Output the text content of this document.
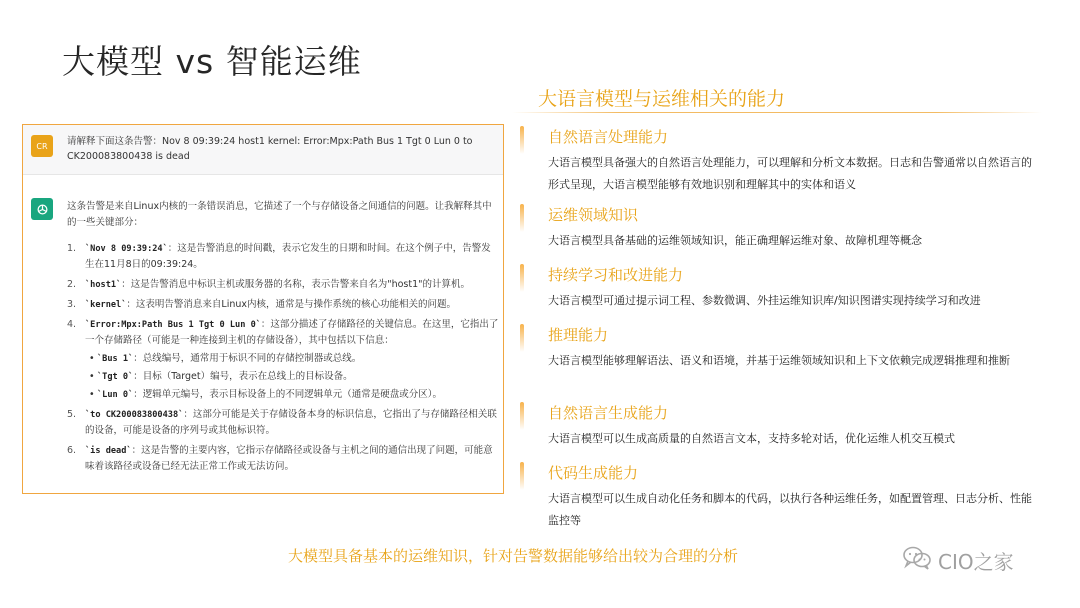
大模型 vs 智能运维
大语言模型与运维相关的能力
CR	请解释下面这条告警：Nov 8 09:39:24 host1 kernel: Error:Mpx:Path Bus 1 Tgt 0 Lun 0 to CK200083800438 is dead

这条告警是来自Linux内核的一条错误消息，它描述了一个与存储设备之间通信的问题。让我解释其中的一些关键部分：

1. `Nov 8 09:39:24`：这是告警消息的时间戳，表示它发生的日期和时间。在这个例子中，告警发生在11月8日的09:39:24。
2. `host1`：这是告警消息中标识主机或服务器的名称，表示告警来自名为"host1"的计算机。
3. `kernel`：这表明告警消息来自Linux内核，通常是与操作系统的核心功能相关的问题。
4. `Error:Mpx:Path Bus 1 Tgt 0 Lun 0`：这部分描述了存储路径的关键信息。在这里，它指出了一个存储路径（可能是一种连接到主机的存储设备），其中包括以下信息：
• `Bus 1`：总线编号，通常用于标识不同的存储控制器或总线。
• `Tgt 0`：目标（Target）编号，表示在总线上的目标设备。
• `Lun 0`：逻辑单元编号，表示目标设备上的不同逻辑单元（通常是硬盘或分区）。
5. `to CK200083800438`：这部分可能是关于存储设备本身的标识信息，它指出了与存储路径相关联的设备，可能是设备的序列号或其他标识符。
6. `is dead`：这是告警的主要内容，它指示存储路径或设备与主机之间的通信出现了问题，可能意味着该路径或设备已经无法正常工作或无法访问。
自然语言处理能力
大语言模型具备强大的自然语言处理能力，可以理解和分析文本数据。日志和告警通常以自然语言的形式呈现，大语言模型能够有效地识别和理解其中的实体和语义
运维领域知识
大语言模型具备基础的运维领域知识，能正确理解运维对象、故障机理等概念
持续学习和改进能力
大语言模型可通过提示词工程、参数微调、外挂运维知识库/知识图谱实现持续学习和改进
推理能力
大语言模型能够理解语法、语义和语境，并基于运维领域知识和上下文依赖完成逻辑推理和推断
自然语言生成能力
大语言模型可以生成高质量的自然语言文本，支持多轮对话，优化运维人机交互模式
代码生成能力
大语言模型可以生成自动化任务和脚本的代码，以执行各种运维任务，如配置管理、日志分析、性能监控等
大模型具备基本的运维知识，针对告警数据能够给出较为合理的分析	CIO之家
